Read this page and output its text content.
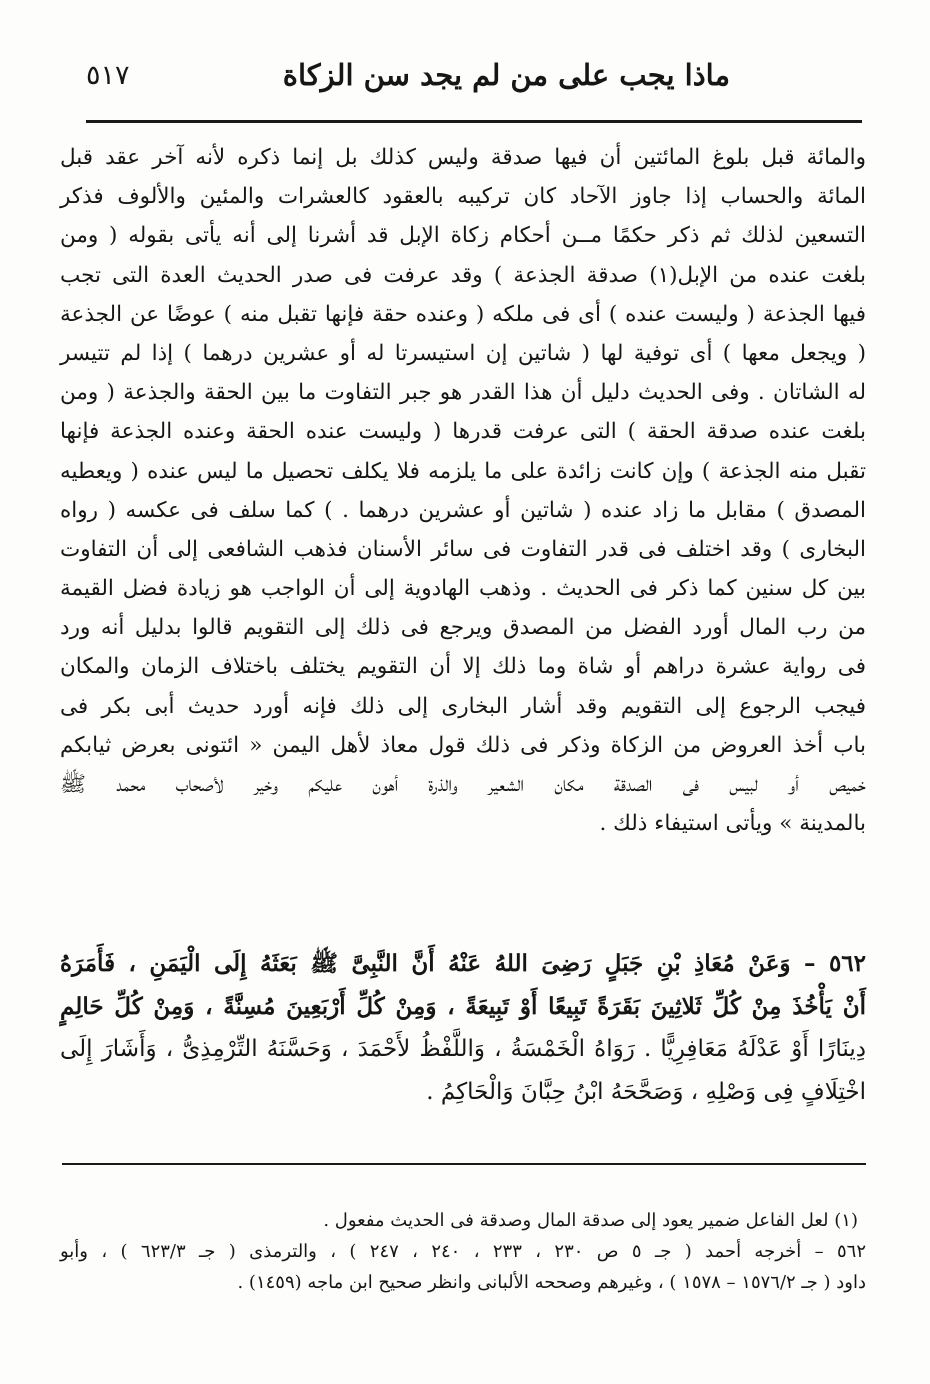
٥١٧	ماذا يجب على من لم يجد سن الزكاة
والمائة قبل بلوغ المائتين أن فيها صدقة وليس كذلك بل إنما ذكره لأنه آخر عقد قبل
المائة والحساب إذا جاوز الآحاد كان تركيبه بالعقود كالعشرات والمئين والألوف فذكر
التسعين لذلك ثم ذكر حكمًا مــن أحكام زكاة الإبل قد أشرنا إلى أنه يأتى بقوله ( ومن
بلغت عنده من الإبل(١) صدقة الجذعة ) وقد عرفت فى صدر الحديث العدة التى تجب
فيها الجذعة ( وليست عنده ) أى فى ملكه ( وعنده حقة فإنها تقبل منه ) عوضًا عن الجذعة
( ويجعل معها ) أى توفية لها ( شاتين إن استيسرتا له أو عشرين درهما ) إذا لم تتيسر
له الشاتان . وفى الحديث دليل أن هذا القدر هو جبر التفاوت ما بين الحقة والجذعة ( ومن
بلغت عنده صدقة الحقة ) التى عرفت قدرها ( وليست عنده الحقة وعنده الجذعة فإنها
تقبل منه الجذعة ) وإن كانت زائدة على ما يلزمه فلا يكلف تحصيل ما ليس عنده ( ويعطيه
المصدق ) مقابل ما زاد عنده ( شاتين أو عشرين درهما . ) كما سلف فى عكسه ( رواه
البخارى ) وقد اختلف فى قدر التفاوت فى سائر الأسنان فذهب الشافعى إلى أن التفاوت
بين كل سنين كما ذكر فى الحديث . وذهب الهادوية إلى أن الواجب هو زيادة فضل القيمة
من رب المال أورد الفضل من المصدق ويرجع فى ذلك إلى التقويم قالوا بدليل أنه ورد
فى رواية عشرة دراهم أو شاة وما ذلك إلا أن التقويم يختلف باختلاف الزمان والمكان
فيجب الرجوع إلى التقويم وقد أشار البخارى إلى ذلك فإنه أورد حديث أبى بكر فى
باب أخذ العروض من الزكاة وذكر فى ذلك قول معاذ لأهل اليمن « ائتونى بعرض ثيابكم
خميص أو لبيس فى الصدقة مكان الشعير والذرة أهون عليكم وخير لأصحاب محمد ﷺ
بالمدينة » ويأتى استيفاء ذلك .
٥٦٢ – وَعَنْ مُعَاذِ بْنِ جَبَلٍ رَضِىَ اللهُ عَنْهُ أَنَّ النَّبِىَّ ﷺ بَعَثَهُ إِلَى الْيَمَنِ ، فَأَمَرَهُ
أَنْ يَأْخُذَ مِنْ كُلِّ ثَلاثِينَ بَقَرَةً تَبِيعًا أَوْ تَبِيعَةً ، وَمِنْ كُلِّ أَرْبَعِينَ مُسِنَّةً ، وَمِنْ كُلِّ حَالِمٍ
دِينَارًا أَوْ عَدْلَهُ مَعَافِرِيًّا . رَوَاهُ الْخَمْسَةُ ، وَاللَّفْظُ لأَحْمَدَ ، وَحَسَّنَهُ التِّرْمِذِىُّ ، وَأَشَارَ إِلَى
اخْتِلَافٍ فِى وَصْلِهِ ، وَصَحَّحَهُ ابْنُ حِبَّانَ وَالْحَاكِمُ .
(١) لعل الفاعل ضمير يعود إلى صدقة المال وصدقة فى الحديث مفعول .
٥٦٢ – أخرجه أحمد ( جـ ٥ ص ٢٣٠ ، ٢٣٣ ، ٢٤٠ ، ٢٤٧ ) ، والترمذى ( جـ ٦٢٣/٣ ) ، وأبو
داود ( جـ ١٥٧٦/٢ – ١٥٧٨ ) ، وغيرهم وصححه الألبانى وانظر صحيح ابن ماجه (١٤٥٩) .
